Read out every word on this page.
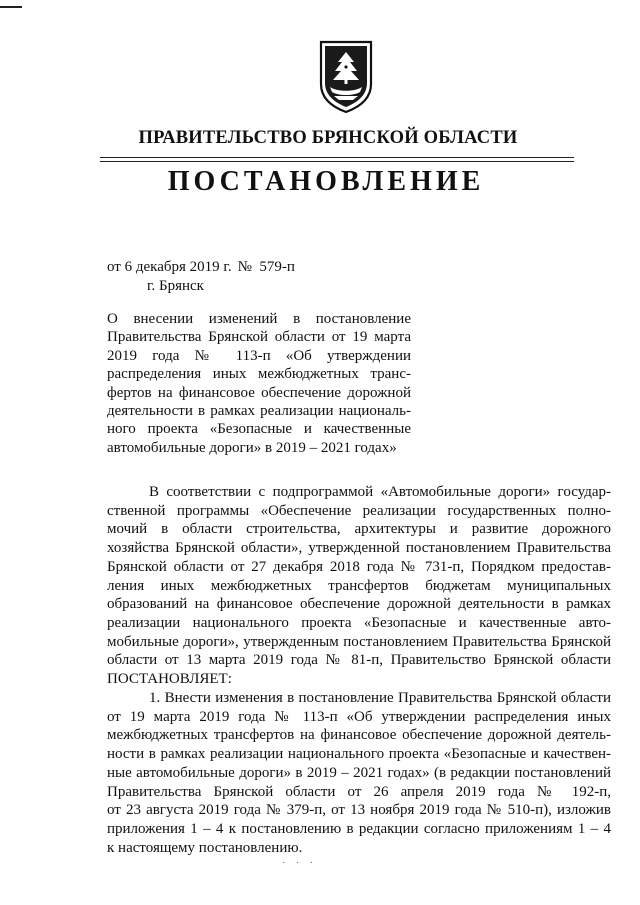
ПРАВИТЕЛЬСТВО БРЯНСКОЙ ОБЛАСТИ
ПОСТАНОВЛЕНИЕ
от 6 декабря 2019 г. №  579-п
г. Брянск
О внесении изменений в постановление
Правительства Брянской области от 19 марта
2019 года № 113-п «Об утверждении
распределения иных межбюджетных транс-
фертов на финансовое обеспечение дорожной
деятельности в рамках реализации националь-
ного проекта «Безопасные и качественные
автомобильные дороги» в 2019 – 2021 годах»
В соответствии с подпрограммой «Автомобильные дороги» государ-
ственной программы «Обеспечение реализации государственных полно-
мочий в области строительства, архитектуры и развитие дорожного
хозяйства Брянской области», утвержденной постановлением Правительства
Брянской области от 27 декабря 2018 года № 731-п, Порядком предостав-
ления иных межбюджетных трансфертов бюджетам муниципальных
образований на финансовое обеспечение дорожной деятельности в рамках
реализации национального проекта «Безопасные и качественные авто-
мобильные дороги», утвержденным постановлением Правительства Брянской
области от 13 марта 2019 года № 81-п, Правительство Брянской области
ПОСТАНОВЛЯЕТ:
1. Внести изменения в постановление Правительства Брянской области
от 19 марта 2019 года № 113-п «Об утверждении распределения иных
межбюджетных трансфертов на финансовое обеспечение дорожной деятель-
ности в рамках реализации национального проекта «Безопасные и качествен-
ные автомобильные дороги» в 2019 – 2021 годах» (в редакции постановлений
Правительства Брянской области от 26 апреля 2019 года № 192-п,
от 23 августа 2019 года № 379-п, от 13 ноября 2019 года № 510-п), изложив
приложения 1 – 4 к постановлению в редакции согласно приложениям 1 – 4
к настоящему постановлению.
· · ·
